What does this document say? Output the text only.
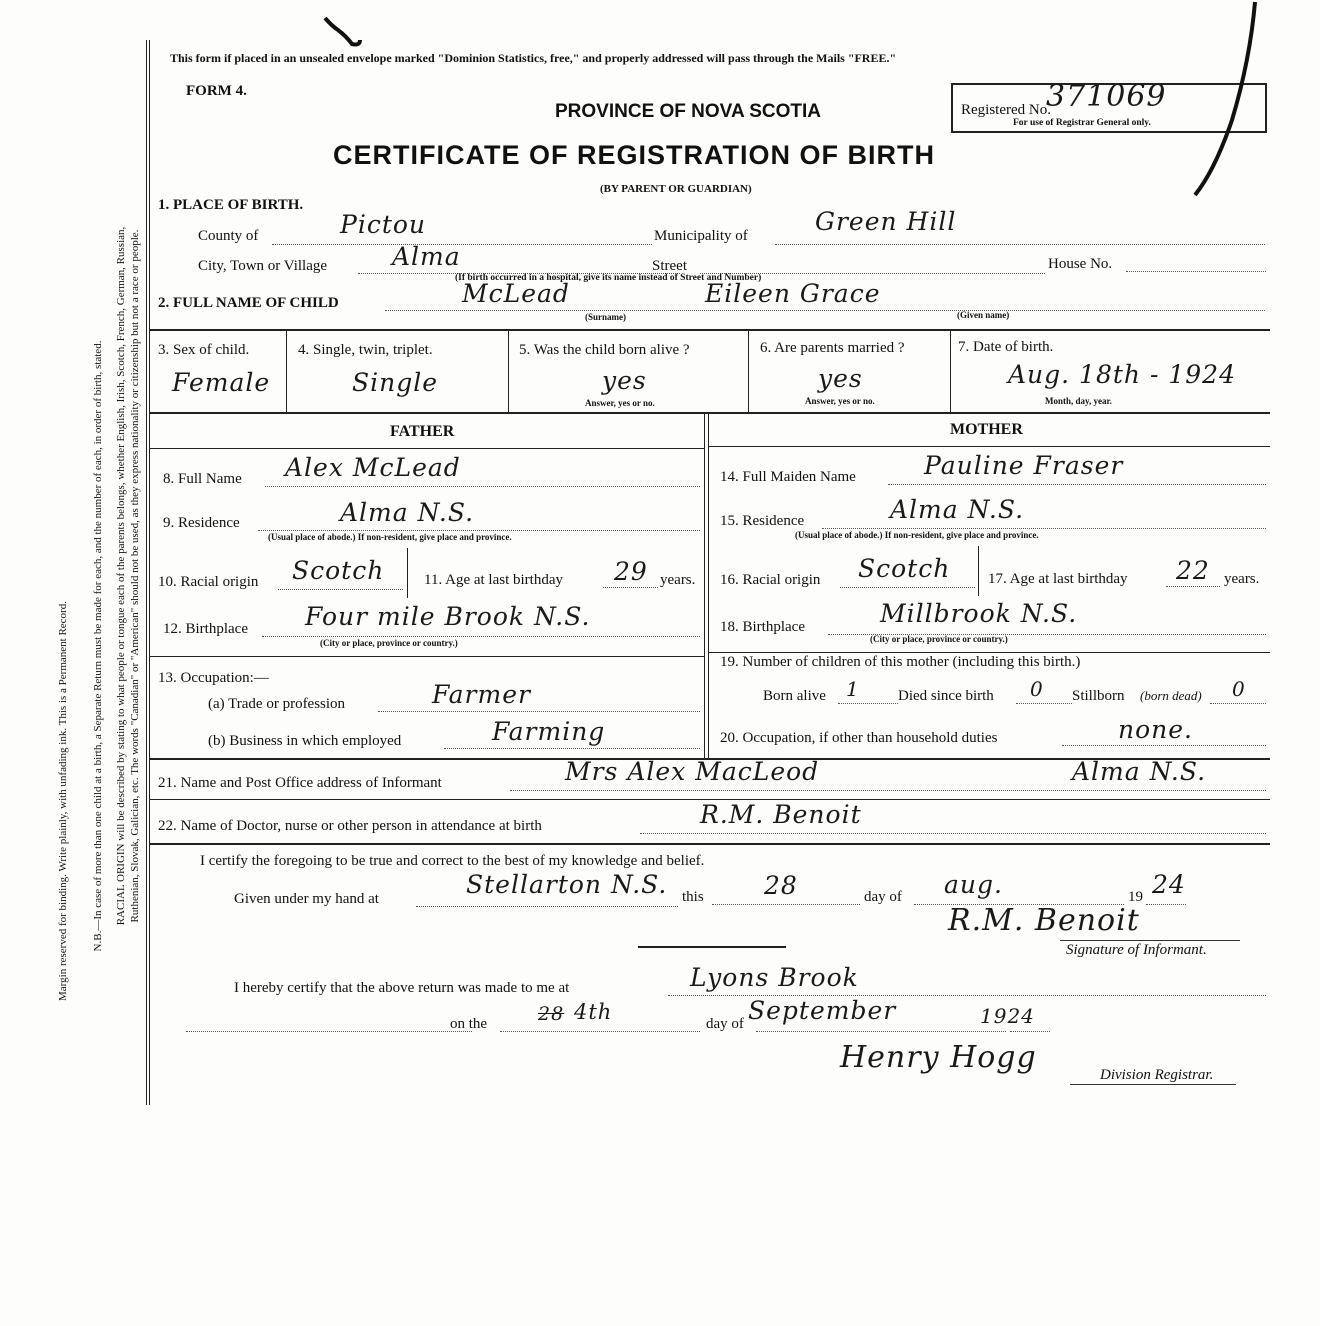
Margin reserved for binding. Write plainly, with unfading ink. This is a Permanent Record. N.B.—In case of more than one child at a birth, a Separate Return must be made for each, and the number of each, in order of birth, stated. RACIAL ORIGIN will be described by stating to what people or tongue each of the parents belongs, whether English, Irish, Scotch, French, German, Russian, Ruthenian, Slovak, Galician, etc. The words "Canadian" or "American" should not be used, as they express nationality or citizenship but not a race or people.
This form if placed in an unsealed envelope marked "Dominion Statistics, free," and properly addressed will pass through the Mails "FREE."
FORM 4.
PROVINCE OF NOVA SCOTIA
CERTIFICATE OF REGISTRATION OF BIRTH
(BY PARENT OR GUARDIAN)
Registered No.
371069
For use of Registrar General only.
1. PLACE OF BIRTH.
County of	Pictou	Municipality of	Green Hill
City, Town or Village	Alma	Street	House No.
(If birth occurred in a hospital, give its name instead of Street and Number)
2. FULL NAME OF CHILD	McLead	Eileen Grace
(Surname)	(Given name)
3. Sex of child.
Female
4. Single, twin, triplet.
Single
5. Was the child born alive ?
yes
Answer, yes or no.
6. Are parents married ?
yes
Answer, yes or no.
7. Date of birth.
Aug. 18th - 1924
Month, day, year.
FATHER	MOTHER
8. Full Name Alex McLead
9. Residence	Alma N.S.
(Usual place of abode.) If non-resident, give place and province.
10. Racial origin Scotch	11. Age at last birthday 29 years.
12. Birthplace Four mile Brook N.S.
(City or place, province or country.)
13. Occupation:—
(a) Trade or profession	Farmer
(b) Business in which employed	Farming
14. Full Maiden Name	Pauline Fraser
15. Residence	Alma N.S.
(Usual place of abode.) If non-resident, give place and province.
16. Racial origin Scotch	17. Age at last birthday 22 years.
18. Birthplace	Millbrook N.S.
(City or place, province or country.)
19. Number of children of this mother (including this birth.)
Born alive 1	Died since birth 0 Stillborn (born dead) 0
20. Occupation, if other than household duties	none.
21. Name and Post Office address of Informant	Mrs Alex MacLeod	Alma N.S.
22. Name of Doctor, nurse or other person in attendance at birth	R.M. Benoit
I certify the foregoing to be true and correct to the best of my knowledge and belief.
Given under my hand at	Stellarton N.S. this 28	day of aug.	19 24
R.M. Benoit
Signature of Informant.
I hereby certify that the above return was made to me at	Lyons Brook
on the	28 4th	day of September	1924
Henry Hogg	Division Registrar.
